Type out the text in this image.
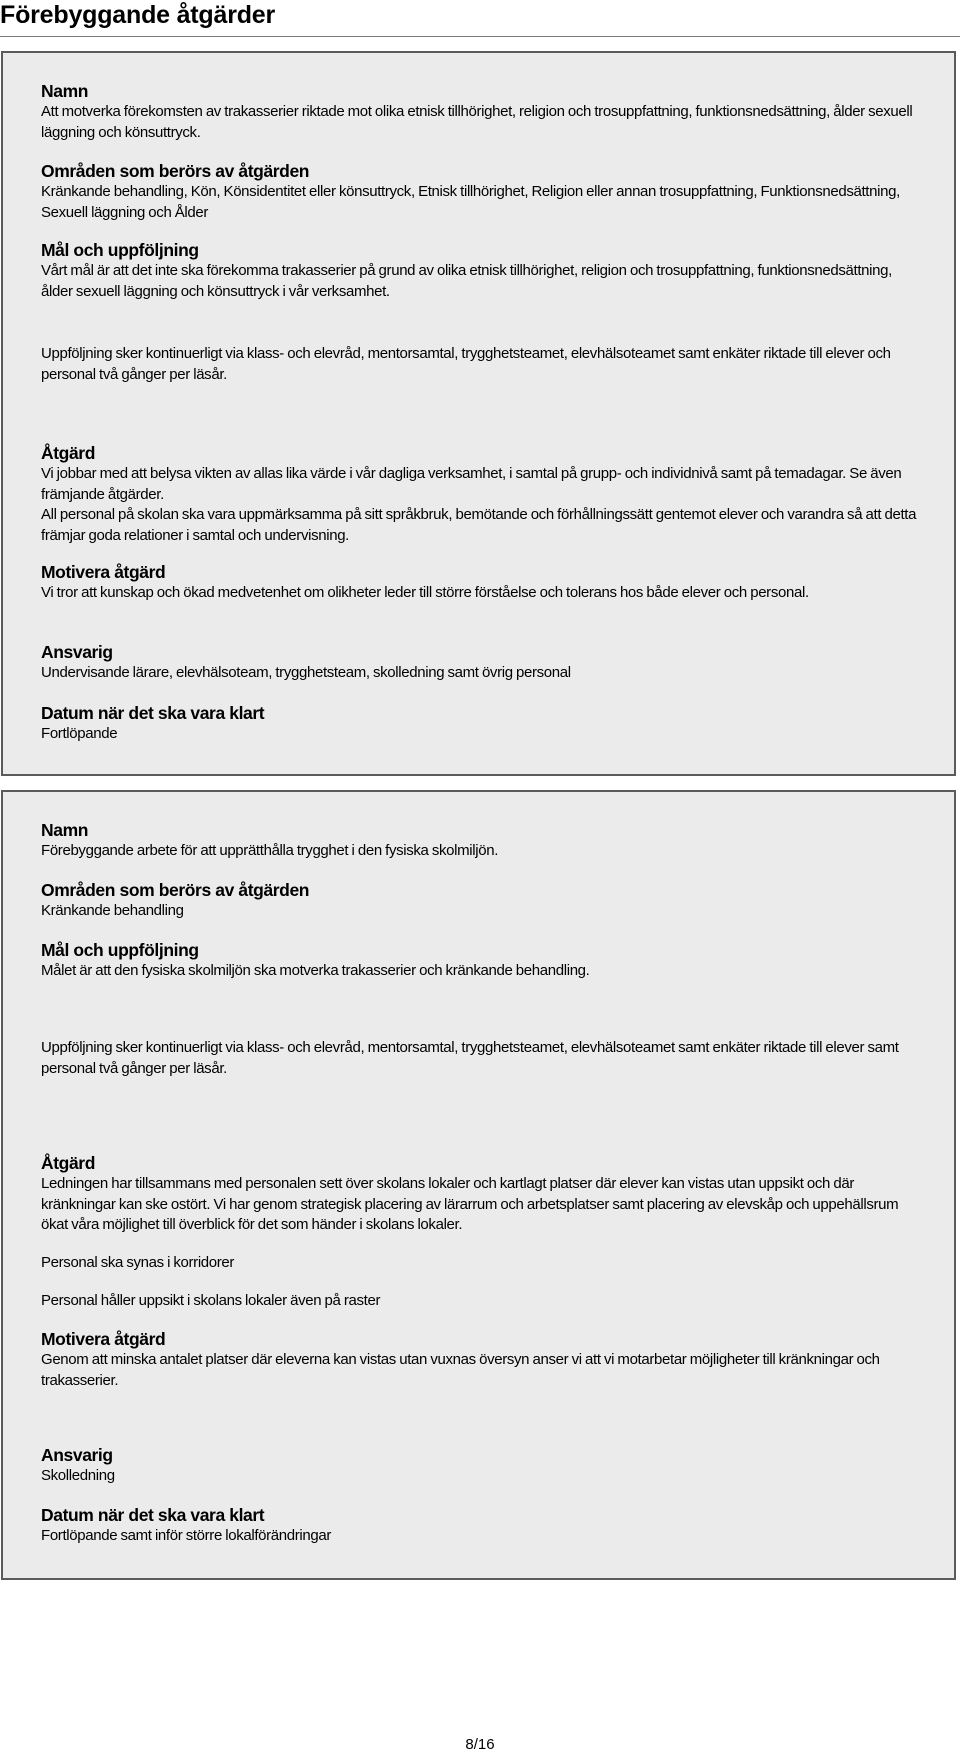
Förebyggande åtgärder
Namn
Att motverka förekomsten av trakasserier riktade mot olika etnisk tillhörighet, religion och trosuppfattning, funktionsnedsättning, ålder sexuell läggning och könsuttryck.
Områden som berörs av åtgärden
Kränkande behandling, Kön, Könsidentitet eller könsuttryck, Etnisk tillhörighet, Religion eller annan trosuppfattning, Funktionsnedsättning, Sexuell läggning och Ålder
Mål och uppföljning
Vårt mål är att det inte ska förekomma trakasserier på grund av olika etnisk tillhörighet, religion och trosuppfattning, funktionsnedsättning, ålder sexuell läggning och könsuttryck i vår verksamhet.
Uppföljning sker kontinuerligt via klass- och elevråd, mentorsamtal, trygghetsteamet, elevhälsoteamet samt enkäter riktade till elever och personal två gånger per läsår.
Åtgärd
Vi jobbar med att belysa vikten av allas lika värde i vår dagliga verksamhet, i samtal på grupp- och individnivå samt på temadagar. Se även främjande åtgärder.
All personal på skolan ska vara uppmärksamma på sitt språkbruk, bemötande och förhållningssätt gentemot elever och varandra så att detta främjar goda relationer i samtal och undervisning.
Motivera åtgärd
Vi tror att kunskap och ökad medvetenhet om olikheter leder till större förståelse och tolerans hos både elever och personal.
Ansvarig
Undervisande lärare, elevhälsoteam, trygghetsteam, skolledning samt övrig personal
Datum när det ska vara klart
Fortlöpande
Namn
Förebyggande arbete för att upprätthålla trygghet i den fysiska skolmiljön.
Områden som berörs av åtgärden
Kränkande behandling
Mål och uppföljning
Målet är att den fysiska skolmiljön ska motverka trakasserier och kränkande behandling.
Uppföljning sker kontinuerligt via klass- och elevråd, mentorsamtal, trygghetsteamet, elevhälsoteamet samt enkäter riktade till elever samt personal två gånger per läsår.
Åtgärd
Ledningen har tillsammans med personalen sett över skolans lokaler och kartlagt platser där elever kan vistas utan uppsikt och där kränkningar kan ske ostört. Vi har genom strategisk placering av lärarrum och arbetsplatser samt placering av elevskåp och uppehällsrum ökat våra möjlighet till överblick för det som händer i skolans lokaler.
Personal ska synas i korridorer
Personal håller uppsikt i skolans lokaler även på raster
Motivera åtgärd
Genom att minska antalet platser där eleverna kan vistas utan vuxnas översyn anser vi att vi motarbetar möjligheter till kränkningar och trakasserier.
Ansvarig
Skolledning
Datum när det ska vara klart
Fortlöpande samt inför större lokalförändringar
8/16
